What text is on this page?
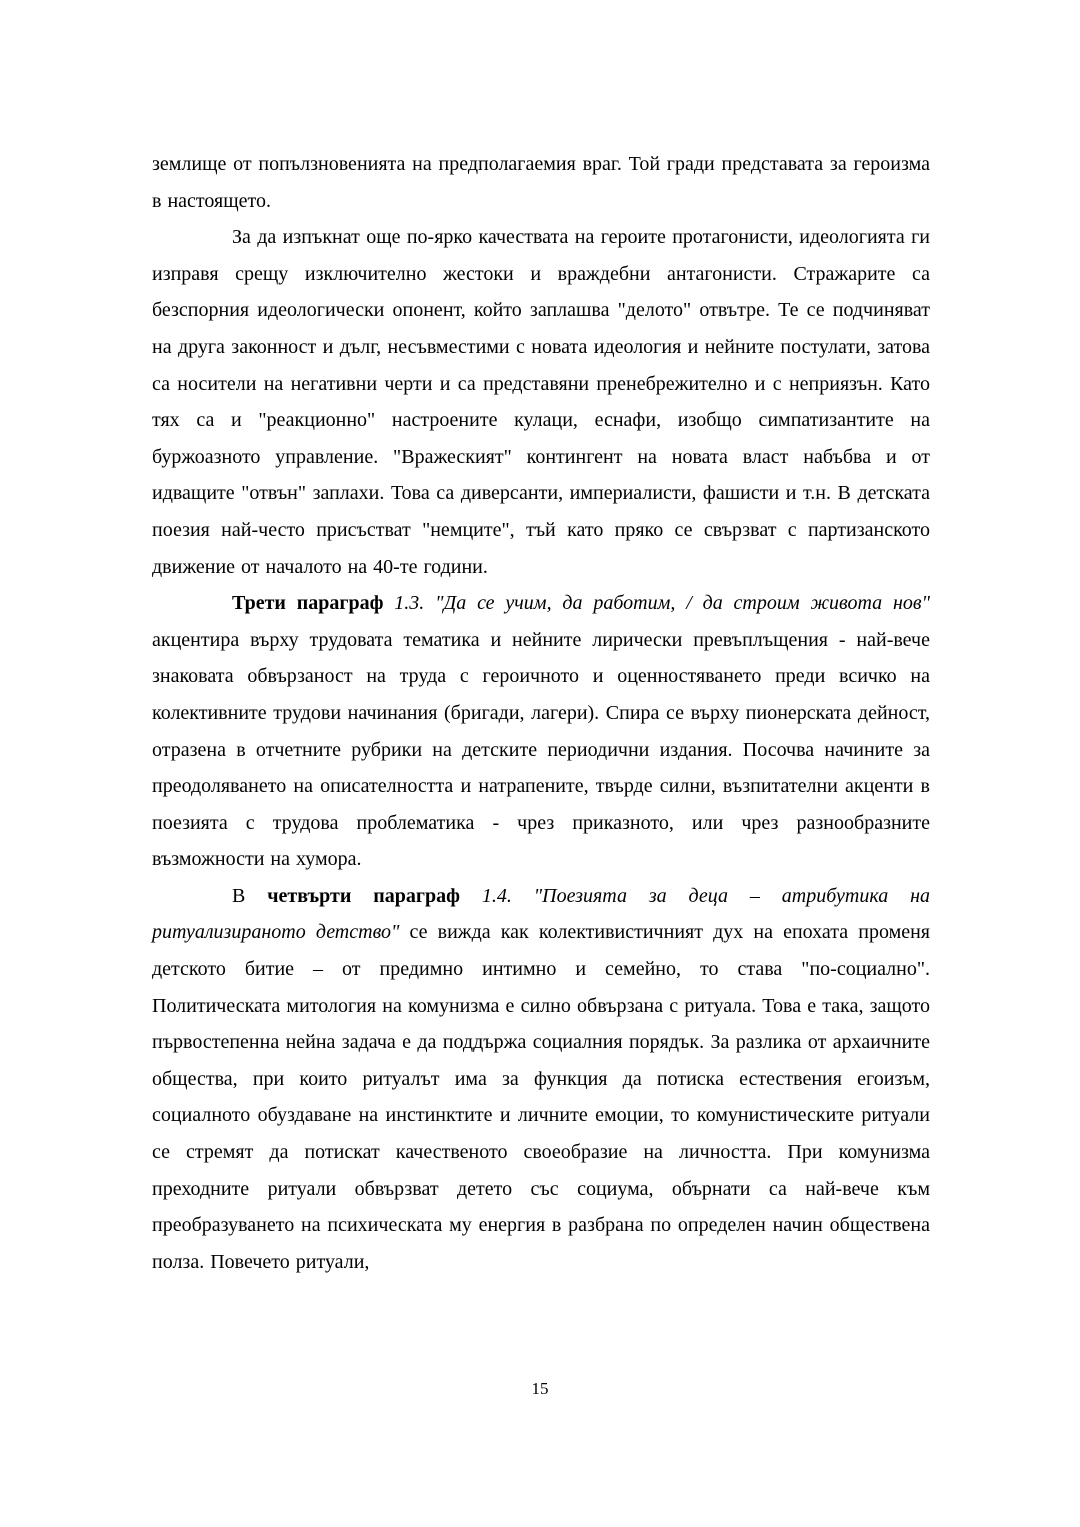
землище от попълзновенията на предполагаемия враг. Той гради представата за героизма в настоящето.

За да изпъкнат още по-ярко качествата на героите протагонисти, идеологията ги изправя срещу изключително жестоки и враждебни антагонисти. Стражарите са безспорния идеологически опонент, който заплашва "делото" отвътре. Те се подчиняват на друга законност и дълг, несъвместими с новата идеология и нейните постулати, затова са носители на негативни черти и са представяни пренебрежително и с неприязън. Като тях са и "реакционно" настроените кулаци, еснафи, изобщо симпатизантите на буржоазното управление. "Вражеският" контингент на новата власт набъбва и от идващите "отвън" заплахи. Това са диверсанти, империалисти, фашисти и т.н. В детската поезия най-често присъстват "немците", тъй като пряко се свързват с партизанското движение от началото на 40-те години.

Трети параграф 1.3. "Да се учим, да работим, / да строим живота нов" акцентира върху трудовата тематика и нейните лирически превъплъщения - най-вече знаковата обвързаност на труда с героичното и оценностяването преди всичко на колективните трудови начинания (бригади, лагери). Спира се върху пионерската дейност, отразена в отчетните рубрики на детските периодични издания. Посочва начините за преодоляването на описателността и натрапените, твърде силни, възпитателни акценти в поезията с трудова проблематика - чрез приказното, или чрез разнообразните възможности на хумора.

В четвърти параграф 1.4. "Поезията за деца – атрибутика на ритуализираното детство" се вижда как колективистичният дух на епохата променя детското битие – от предимно интимно и семейно, то става "по-социално". Политическата митология на комунизма е силно обвързана с ритуала. Това е така, защото първостепенна нейна задача е да поддържа социалния порядък. За разлика от архаичните общества, при които ритуалът има за функция да потиска естествения егоизъм, социалното обуздаване на инстинктите и личните емоции, то комунистическите ритуали се стремят да потискат качественото своеобразие на личността. При комунизма преходните ритуали обвързват детето със социума, обърнати са най-вече към преобразуването на психическата му енергия в разбрана по определен начин обществена полза. Повечето ритуали,

15
